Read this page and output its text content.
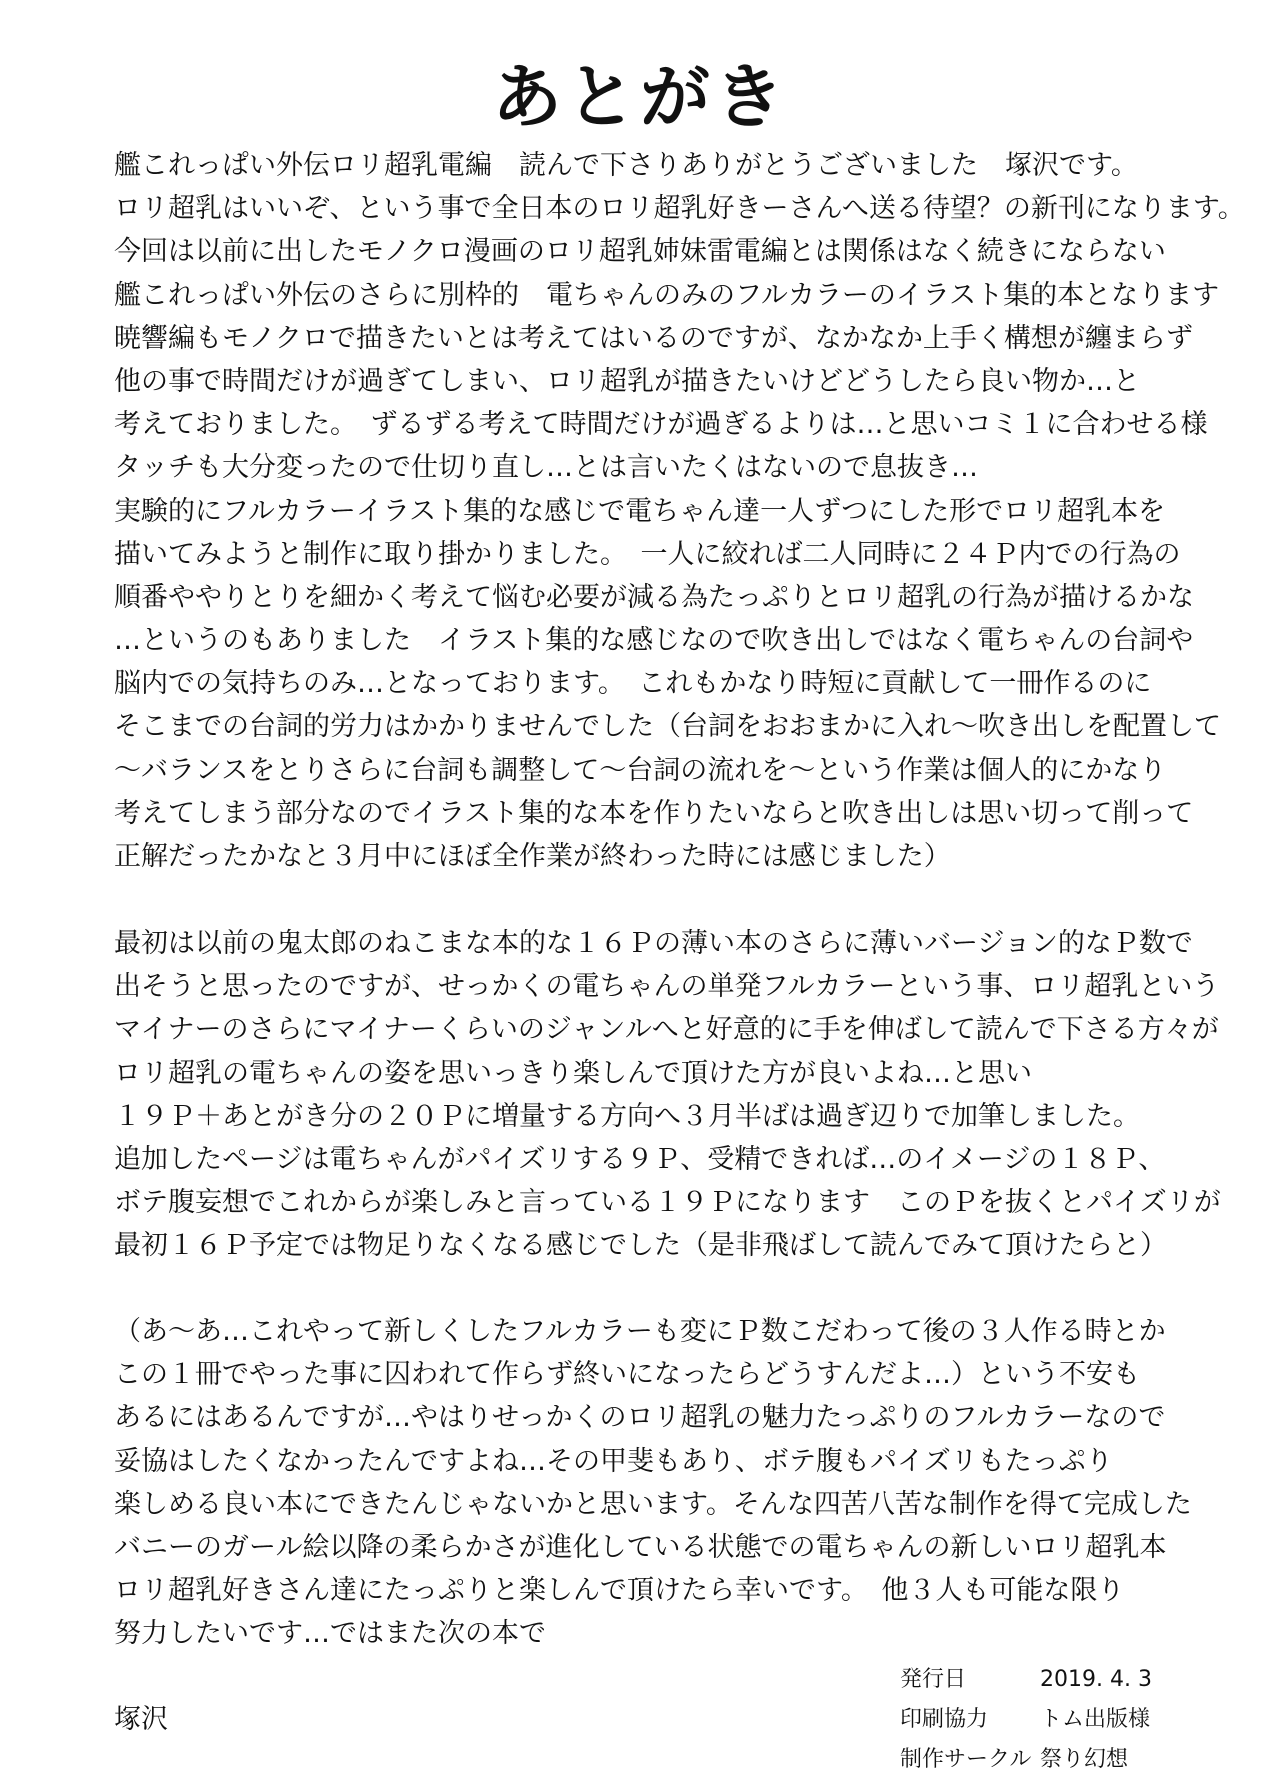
あとがき
艦これっぱい外伝ロリ超乳電編　読んで下さりありがとうございました　塚沢です。
ロリ超乳はいいぞ、という事で全日本のロリ超乳好きーさんへ送る待望？の新刊になります。
今回は以前に出したモノクロ漫画のロリ超乳姉妹雷電編とは関係はなく続きにならない
艦これっぱい外伝のさらに別枠的　電ちゃんのみのフルカラーのイラスト集的本となります
暁響編もモノクロで描きたいとは考えてはいるのですが、なかなか上手く構想が纏まらず
他の事で時間だけが過ぎてしまい、ロリ超乳が描きたいけどどうしたら良い物か…と
考えておりました。　ずるずる考えて時間だけが過ぎるよりは…と思いコミ１に合わせる様
タッチも大分変ったので仕切り直し…とは言いたくはないので息抜き…
実験的にフルカラーイラスト集的な感じで電ちゃん達一人ずつにした形でロリ超乳本を
描いてみようと制作に取り掛かりました。　一人に絞れば二人同時に２４Ｐ内での行為の
順番ややりとりを細かく考えて悩む必要が減る為たっぷりとロリ超乳の行為が描けるかな
…というのもありました　イラスト集的な感じなので吹き出しではなく電ちゃんの台詞や
脳内での気持ちのみ…となっております。　これもかなり時短に貢献して一冊作るのに
そこまでの台詞的労力はかかりませんでした（台詞をおおまかに入れ～吹き出しを配置して
～バランスをとりさらに台詞も調整して～台詞の流れを～という作業は個人的にかなり
考えてしまう部分なのでイラスト集的な本を作りたいならと吹き出しは思い切って削って
正解だったかなと３月中にほぼ全作業が終わった時には感じました）
最初は以前の鬼太郎のねこまな本的な１６Ｐの薄い本のさらに薄いバージョン的なＰ数で
出そうと思ったのですが、せっかくの電ちゃんの単発フルカラーという事、ロリ超乳という
マイナーのさらにマイナーくらいのジャンルへと好意的に手を伸ばして読んで下さる方々が
ロリ超乳の電ちゃんの姿を思いっきり楽しんで頂けた方が良いよね…と思い
１９Ｐ＋あとがき分の２０Ｐに増量する方向へ３月半ばは過ぎ辺りで加筆しました。
追加したページは電ちゃんがパイズリする９Ｐ、受精できれば…のイメージの１８Ｐ、
ボテ腹妄想でこれからが楽しみと言っている１９Ｐになります　このＰを抜くとパイズリが
最初１６Ｐ予定では物足りなくなる感じでした（是非飛ばして読んでみて頂けたらと）
（あ～あ…これやって新しくしたフルカラーも変にＰ数こだわって後の３人作る時とか
この１冊でやった事に囚われて作らず終いになったらどうすんだよ…）という不安も
あるにはあるんですが…やはりせっかくのロリ超乳の魅力たっぷりのフルカラーなので
妥協はしたくなかったんですよね…その甲斐もあり、ボテ腹もパイズリもたっぷり
楽しめる良い本にできたんじゃないかと思います。そんな四苦八苦な制作を得て完成した
バニーのガール絵以降の柔らかさが進化している状態での電ちゃんの新しいロリ超乳本
ロリ超乳好きさん達にたっぷりと楽しんで頂けたら幸いです。　他３人も可能な限り
努力したいです…ではまた次の本で
塚沢
発行日	2019. 4. 3
印刷協力	トム出版様
制作サークル 祭り幻想
